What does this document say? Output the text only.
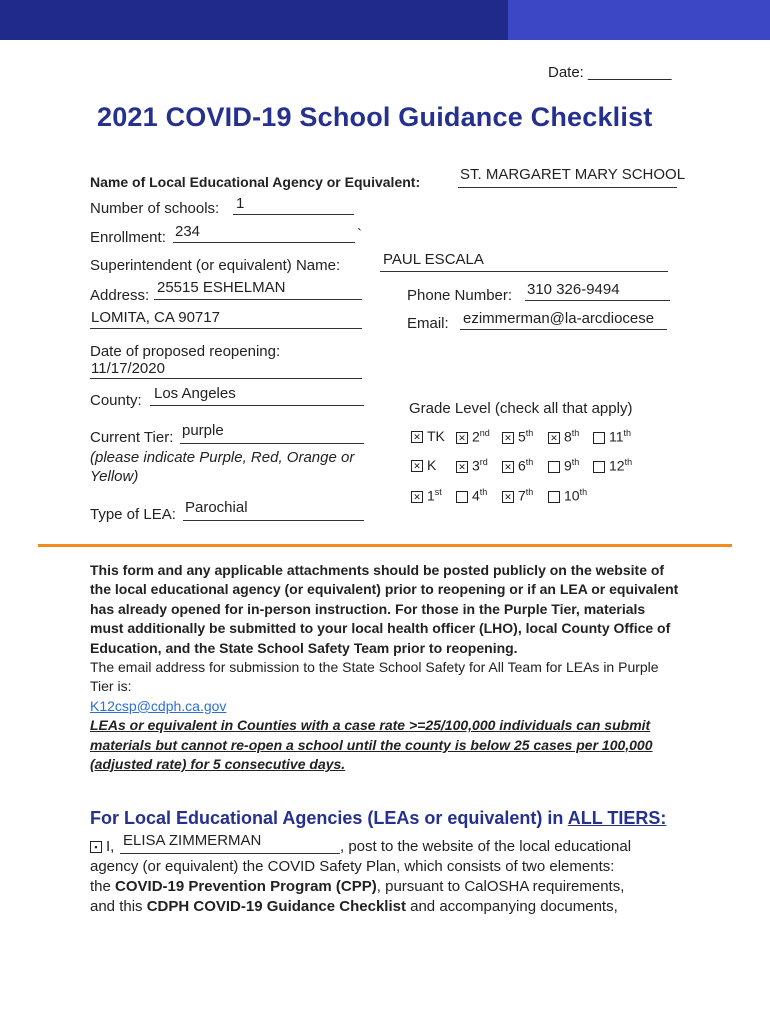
Date: __________
2021 COVID-19 School Guidance Checklist
Name of Local Educational Agency or Equivalent:	ST. MARGARET MARY SCHOOL
Number of schools: 1
Enrollment: 234	`
Superintendent (or equivalent) Name:	PAUL ESCALA
Address: 25515 ESHELMAN
LOMITA, CA 90717
Phone Number: 310 326-9494
Email: ezimmerman@la-arcdiocese
Date of proposed reopening:
11/17/2020
County: Los Angeles
Current Tier: purple
(please indicate Purple, Red, Orange or Yellow)
Type of LEA: Parochial
Grade Level (check all that apply)
✕ TK ✕ 2nd ✕ 5th ✕ 8th	11th
✕ K ✕ 3rd ✕ 6th	9th	12th
✕ 1st	4th ✕ 7th	10th
This form and any applicable attachments should be posted publicly on the website of the local educational agency (or equivalent) prior to reopening or if an LEA or equivalent has already opened for in-person instruction. For those in the Purple Tier, materials must additionally be submitted to your local health officer (LHO), local County Office of Education, and the State School Safety Team prior to reopening.
The email address for submission to the State School Safety for All Team for LEAs in Purple Tier is:
K12csp@cdph.ca.gov
LEAs or equivalent in Counties with a case rate >=25/100,000 individuals can submit materials but cannot re-open a school until the county is below 25 cases per 100,000 (adjusted rate) for 5 consecutive days.
For Local Educational Agencies (LEAs or equivalent) in ALL TIERS:
▪ I, ELISA ZIMMERMAN	, post to the website of the local educational
agency (or equivalent) the COVID Safety Plan, which consists of two elements:
the COVID-19 Prevention Program (CPP), pursuant to CalOSHA requirements,
and this CDPH COVID-19 Guidance Checklist and accompanying documents,
